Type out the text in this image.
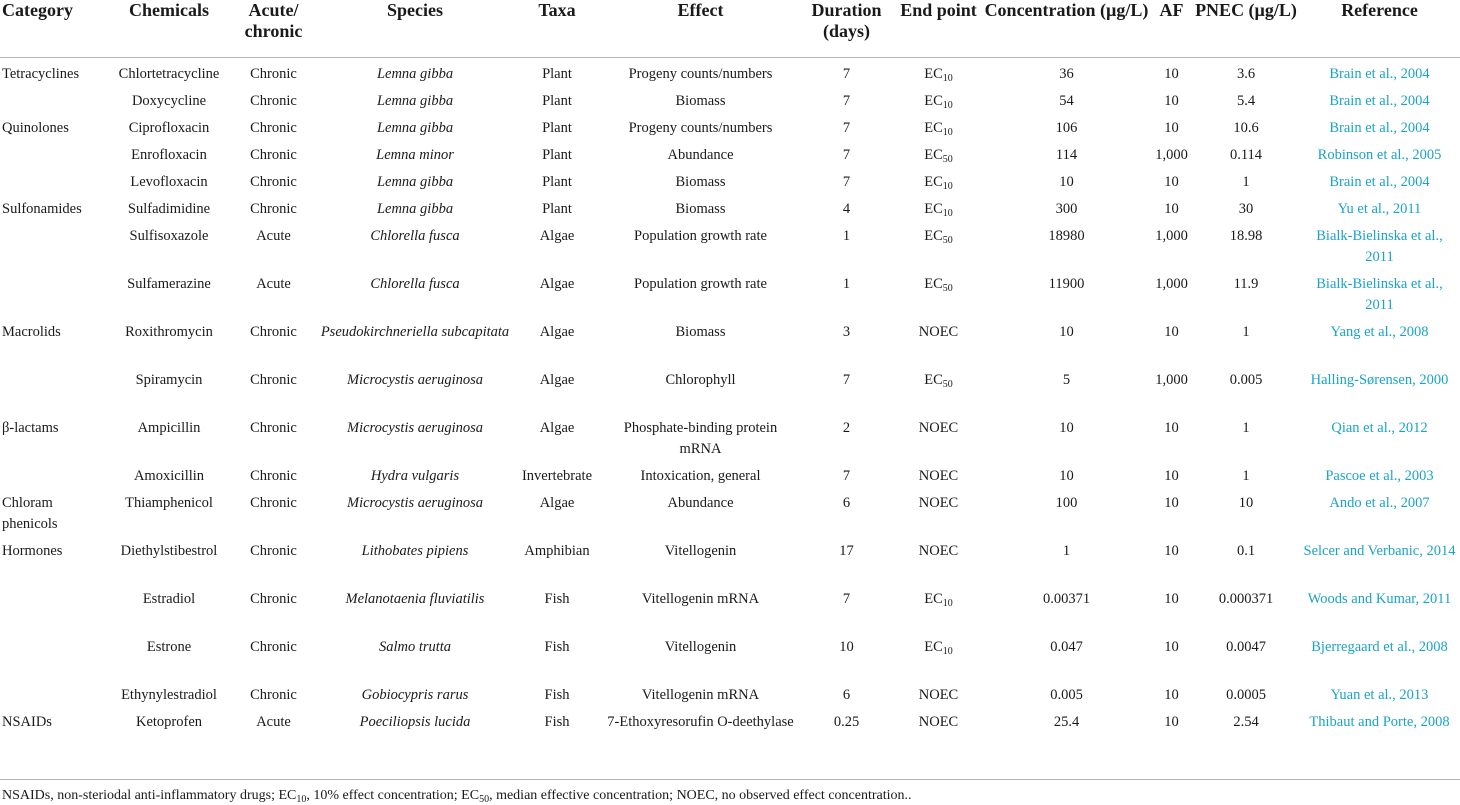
Category	Chemicals	Acute/ chronic	Species	Taxa	Effect	Duration (days)	End point	Concentration (µg/L)	AF	PNEC (µg/L)	Reference
Tetracyclines	Chlortetracycline	Chronic	Lemna gibba	Plant	Progeny counts/numbers	7	$EC_{10}$	36	10	3.6	Brain et al., 2004
	Doxycycline	Chronic	Lemna gibba	Plant	Biomass	7	$EC_{10}$	54	10	5.4	Brain et al., 2004
Quinolones	Ciprofloxacin	Chronic	Lemna gibba	Plant	Progeny counts/numbers	7	$EC_{10}$	106	10	10.6	Brain et al., 2004
	Enrofloxacin	Chronic	Lemna minor	Plant	Abundance	7	$EC_{50}$	114	1,000	0.114	Robinson et al., 2005
	Levofloxacin	Chronic	Lemna gibba	Plant	Biomass	7	$EC_{10}$	10	10	1	Brain et al., 2004
Sulfonamides	Sulfadimidine	Chronic	Lemna gibba	Plant	Biomass	4	$EC_{10}$	300	10	30	Yu et al., 2011
	Sulfisoxazole	Acute	Chlorella fusca	Algae	Population growth rate	1	$EC_{50}$	18980	1,000	18.98	Bialk-Bielinska et al., 2011
	Sulfamerazine	Acute	Chlorella fusca	Algae	Population growth rate	1	$EC_{50}$	11900	1,000	11.9	Bialk-Bielinska et al., 2011
Macrolids	Roxithromycin	Chronic	Pseudokirchneriella subcapitata	Algae	Biomass	3	NOEC	10	10	1	Yang et al., 2008
	Spiramycin	Chronic	Microcystis aeruginosa	Algae	Chlorophyll	7	$EC_{50}$	5	1,000	0.005	Halling-Sørensen, 2000
β-lactams	Ampicillin	Chronic	Microcystis aeruginosa	Algae	Phosphate-binding protein mRNA	2	NOEC	10	10	1	Qian et al., 2012
	Amoxicillin	Chronic	Hydra vulgaris	Invertebrate	Intoxication, general	7	NOEC	10	10	1	Pascoe et al., 2003
Chloram phenicols	Thiamphenicol	Chronic	Microcystis aeruginosa	Algae	Abundance	6	NOEC	100	10	10	Ando et al., 2007
Hormones	Diethylstibestrol	Chronic	Lithobates pipiens	Amphibian	Vitellogenin	17	NOEC	1	10	0.1	Selcer and Verbanic, 2014
	Estradiol	Chronic	Melanotaenia fluviatilis	Fish	Vitellogenin mRNA	7	$EC_{10}$	0.00371	10	0.000371	Woods and Kumar, 2011
	Estrone	Chronic	Salmo trutta	Fish	Vitellogenin	10	$EC_{10}$	0.047	10	0.0047	Bjerregaard et al., 2008
	Ethynylestradiol	Chronic	Gobiocypris rarus	Fish	Vitellogenin mRNA	6	NOEC	0.005	10	0.0005	Yuan et al., 2013
NSAIDs	Ketoprofen	Acute	Poeciliopsis lucida	Fish	7-Ethoxyresorufin O-deethylase	0.25	NOEC	25.4	10	2.54	Thibaut and Porte, 2008
NSAIDs, non-steriodal anti-inflammatory drugs; $EC_{10}$, 10% effect concentration; $EC_{50}$, median effective concentration; NOEC, no observed effect concentration..
